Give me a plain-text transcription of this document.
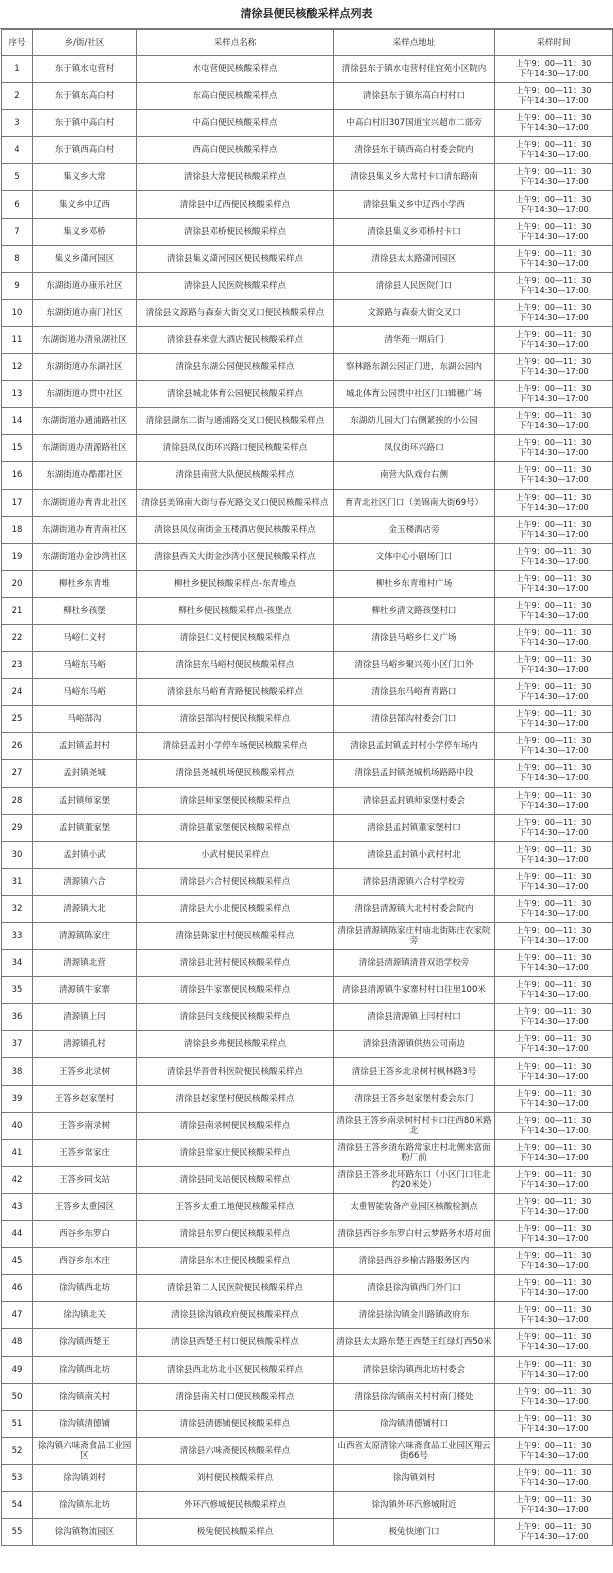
清徐县便民核酸采样点列表
序号	乡/街/社区	采样点名称	采样点地址	采样时间
1	东于镇水屯营村	水屯营便民核酸采样点	清徐县东于镇水屯营村佳宜苑小区院内	上午9：00—11：30
下午14:30—17:00

2	东于镇东高白村	东高白便民核酸采样点	清徐县东于镇东高白村村口	上午9：00—11：30
下午14:30—17:00

3	东于镇中高白村	中高白便民核酸采样点	中高白村旧307国道宝兴超市二部旁	上午9：00—11：30
下午14:30—17:00

4	东于镇西高白村	西高白便民核酸采样点	清徐县东于镇西高白村委会院内	上午9：00—11：30
下午14:30—17:00

5	集义乡大常	清徐县大常便民核酸采样点	清徐县集义乡大常村卡口清东路南	上午9：00—11：30
下午14:30—17:00

6	集义乡中辽西	清徐县中辽西便民核酸采样点	清徐县集义乡中辽西小学西	上午9：00—11：30
下午14:30—17:00

7	集义乡邓桥	清徐县邓桥便民核酸采样点	清徐县集义乡邓桥村卡口	上午9：00—11：30
下午14:30—17:00

8	集义乡潇河园区	清徐县集义潇河园区便民核酸采样点	清徐县太太路潇河园区	上午9：00—11：30
下午14:30—17:00

9	东湖街道办康乐社区	清徐县人民医院核酸采样点	清徐县人民医院门口	上午9：00—11：30
下午14:30—17:00

10	东湖街道办南门社区	清徐县文源路与森泰大街交叉口便民核酸采样点	文源路与森泰大街交叉口	上午9：00—11：30
下午14:30—17:00

11	东湖街道办清泉湖社区	清徐县春来壹大酒店便民核酸采样点	清华苑一期后门	上午9：00—11：30
下午14:30—17:00

12	东湖街道办东湖社区	清徐县东湖公园便民核酸采样点	察林路东湖公园正门进，东湖公园内	上午9：00—11：30
下午14:30—17:00

13	东湖街道办贯中社区	清徐县城北体育公园便民核酸采样点	城北体育公园贯中社区门口辑穗广场	上午9：00—11：30
下午14:30—17:00

14	东湖街道办通浦路社区	清徐县湖东二街与通浦路交叉口便民核酸采样点	东湖幼儿园大门右侧紧挨的小公园	上午9：00—11：30
下午14:30—17:00

15	东湖街道办清源路社区	清徐县凤仪街环兴路口便民核酸采样点	凤仪街环兴路口	上午9：00—11：30
下午14:30—17:00

16	东湖街道办酷郡社区	清徐县南营大队便民核酸采样点	南营大队戏台右侧	上午9：00—11：30
下午14:30—17:00

17	东湖街道办育青北社区	清徐县美锦南大街与春光路交叉口便民核酸采样点	育青北社区门口（美锦南大街69号）	上午9：00—11：30
下午14:30—17:00

18	东湖街道办育青南社区	清徐县凤仪南街金玉楼酒店便民核酸采样点	金玉楼酒店旁	上午9：00—11：30
下午14:30—17:00

19	东湖街道办金沙湾社区	清徐县西关大街金沙湾小区便民核酸采样点	文体中心小剧场门口	上午9：00—11：30
下午14:30—17:00

20	柳杜乡东青堆	柳杜乡便民核酸采样点-东青堆点	柳杜乡东青堆村广场	上午9：00—11：30
下午14:30—17:00

21	柳杜乡孩堡	柳杜乡便民核酸采样点-孩堡点	柳杜乡清文路孩堡村口	上午9：00—11：30
下午14:30—17:00

22	马峪仁义村	清徐县仁义村便民核酸采样点	清徐县马峪乡仁义广场	上午9：00—11：30
下午14:30—17:00

23	马峪东马峪	清徐县东马峪村便民核酸采样点	清徐县马峪乡聚兴苑小区门口外	上午9：00—11：30
下午14:30—17:00

24	马峪东马峪	清徐县东马峪育青路便民核酸采样点	清徐县东马峪育青路口	上午9：00—11：30
下午14:30—17:00

25	马峪郜沟	清徐县郜沟村便民核酸采样点	清徐县郜沟村委会门口	上午9：00—11：30
下午14:30—17:00

26	孟封镇孟封村	清徐县孟封小学停车场便民核酸采样点	清徐县孟封镇孟封村小学停车场内	上午9：00—11：30
下午14:30—17:00

27	孟封镇尧城	清徐县尧城机场便民核酸采样点	清徐县孟封镇尧城机场路路中段	上午9：00—11：30
下午14:30—17:00

28	孟封镇师家堡	清徐县师家堡便民核酸采样点	清徐县孟封镇师家堡村委会	上午9：00—11：30
下午14:30—17:00

29	孟封镇董家堡	清徐县董家堡便民核酸采样点	清徐县孟封镇董家堡村口	上午9：00—11：30
下午14:30—17:00

30	孟封镇小武	小武村便民采样点	清徐县孟封镇小武村村北	上午9：00—11：30
下午14:30—17:00

31	清源镇六合	清徐县六合村便民核酸采样点	清徐县清源镇六合村学校旁	上午9：00—11：30
下午14:30—17:00

32	清源镇大北	清徐县大小北便民核酸采样点	清徐县清源镇大北村村委会院内	上午9：00—11：30
下午14:30—17:00

33	清源镇陈家庄	清徐县陈家庄村便民核酸采样点	清徐县清源镇陈家庄村庙北街陈庄农家院旁	上午9：00—11：30
下午14:30—17:00

34	清源镇北营	清徐县北营村便民核酸采样点	清徐县清源镇清晋双语学校旁	上午9：00—11：30
下午14:30—17:00

35	清源镇牛家寨	清徐县牛家寨便民核酸采样点	清徐县清源镇牛家寨村村口往里100米	上午9：00—11：30
下午14:30—17:00

36	清源镇上闫	清徐县闫支线便民核酸采样点	清徐县清源镇上闫村村口	上午9：00—11：30
下午14:30—17:00

37	清源镇孔村	清徐县乡弗便民核酸采样点	清徐县清源镇供热公司南边	上午9：00—11：30
下午14:30—17:00

38	王答乡北录树	清徐县华晋骨科医院便民核酸采样点	清徐县王答乡北录树村枫林路3号	上午9：00—11：30
下午14:30—17:00

39	王答乡赵家堡村	清徐县赵家堡村便民核酸采样点	清徐县王答乡赵家堡村委会东门	上午9：00—11：30
下午14:30—17:00

40	王答乡南录树	清徐县南录树便民核酸采样点	清徐县王答乡南录树村村卡口往西80米路北	上午9：00—11：30
下午14:30—17:00

41	王答乡常家庄	清徐县常家庄便民核酸采样点	清徐县王答乡清东路常家庄村北侧来富面粉厂前	上午9：00—11：30
下午14:30—17:00

42	王答乡同戈站	清徐县同戈站便民核酸采样点	清徐县王答乡北环路东口（小区门口往北约20米处）	上午9：00—11：30
下午14:30—17:00

43	王答乡太重园区	王答乡太重工地便民核酸采样点	太重智能装备产业园区核酸检测点	上午9：00—11：30
下午14:30—17:00

44	西谷乡东罗白	清徐县东罗白便民核酸采样点	清徐县西谷乡东罗白村云梦路务水塔对面	上午9：00—11：30
下午14:30—17:00

45	西谷乡东木庄	清徐县东木庄便民核酸采样点	清徐县西谷乡榆古路服务区内	上午9：00—11：30
下午14:30—17:00

46	徐沟镇西北坊	清徐县第二人民医院便民核酸采样点	清徐县徐沟镇西门外门口	上午9：00—11：30
下午14:30—17:00

47	徐沟镇北关	清徐县徐沟镇政府便民核酸采样点	清徐县徐沟镇金川路镇政府东	上午9：00—11：30
下午14:30—17:00

48	徐沟镇西楚王	清徐县西楚王村口便民核酸采样点	清徐县太太路东楚王西楚王红绿灯西50米	上午9：00—11：30
下午14:30—17:00

49	徐沟镇西北坊	清徐县西北坊北小区便民核酸采样点	清徐县徐沟镇西北坊村委会	上午9：00—11：30
下午14:30—17:00

50	徐沟镇南关村	清徐县南关村口便民核酸采样点	清徐县徐沟镇南关村村南门楼处	上午9：00—11：30
下午14:30—17:00

51	徐沟镇清德铺	清徐县清德铺便民核酸采样点	徐沟镇清德铺村口	上午9：00—11：30
下午14:30—17:00

52	徐沟镇六味斋食品工业园区	清徐县六味斋便民核酸采样点	山西省太原清徐六味斋食品工业园区翔云街66号	上午9：00—11：30
下午14:30—17:00

53	徐沟镇刘村	刘村便民核酸采样点	徐沟镇刘村	上午9：00—11：30
下午14:30—17:00

54	徐沟镇东北坊	外环汽修城便民核酸采样点	徐沟镇外环汽修城附近	上午9：00—11：30
下午14:30—17:00

55	徐沟镇物流园区	极兔便民核酸采样点	极兔快递门口	上午9：00—11：30
下午14:30—17:00
